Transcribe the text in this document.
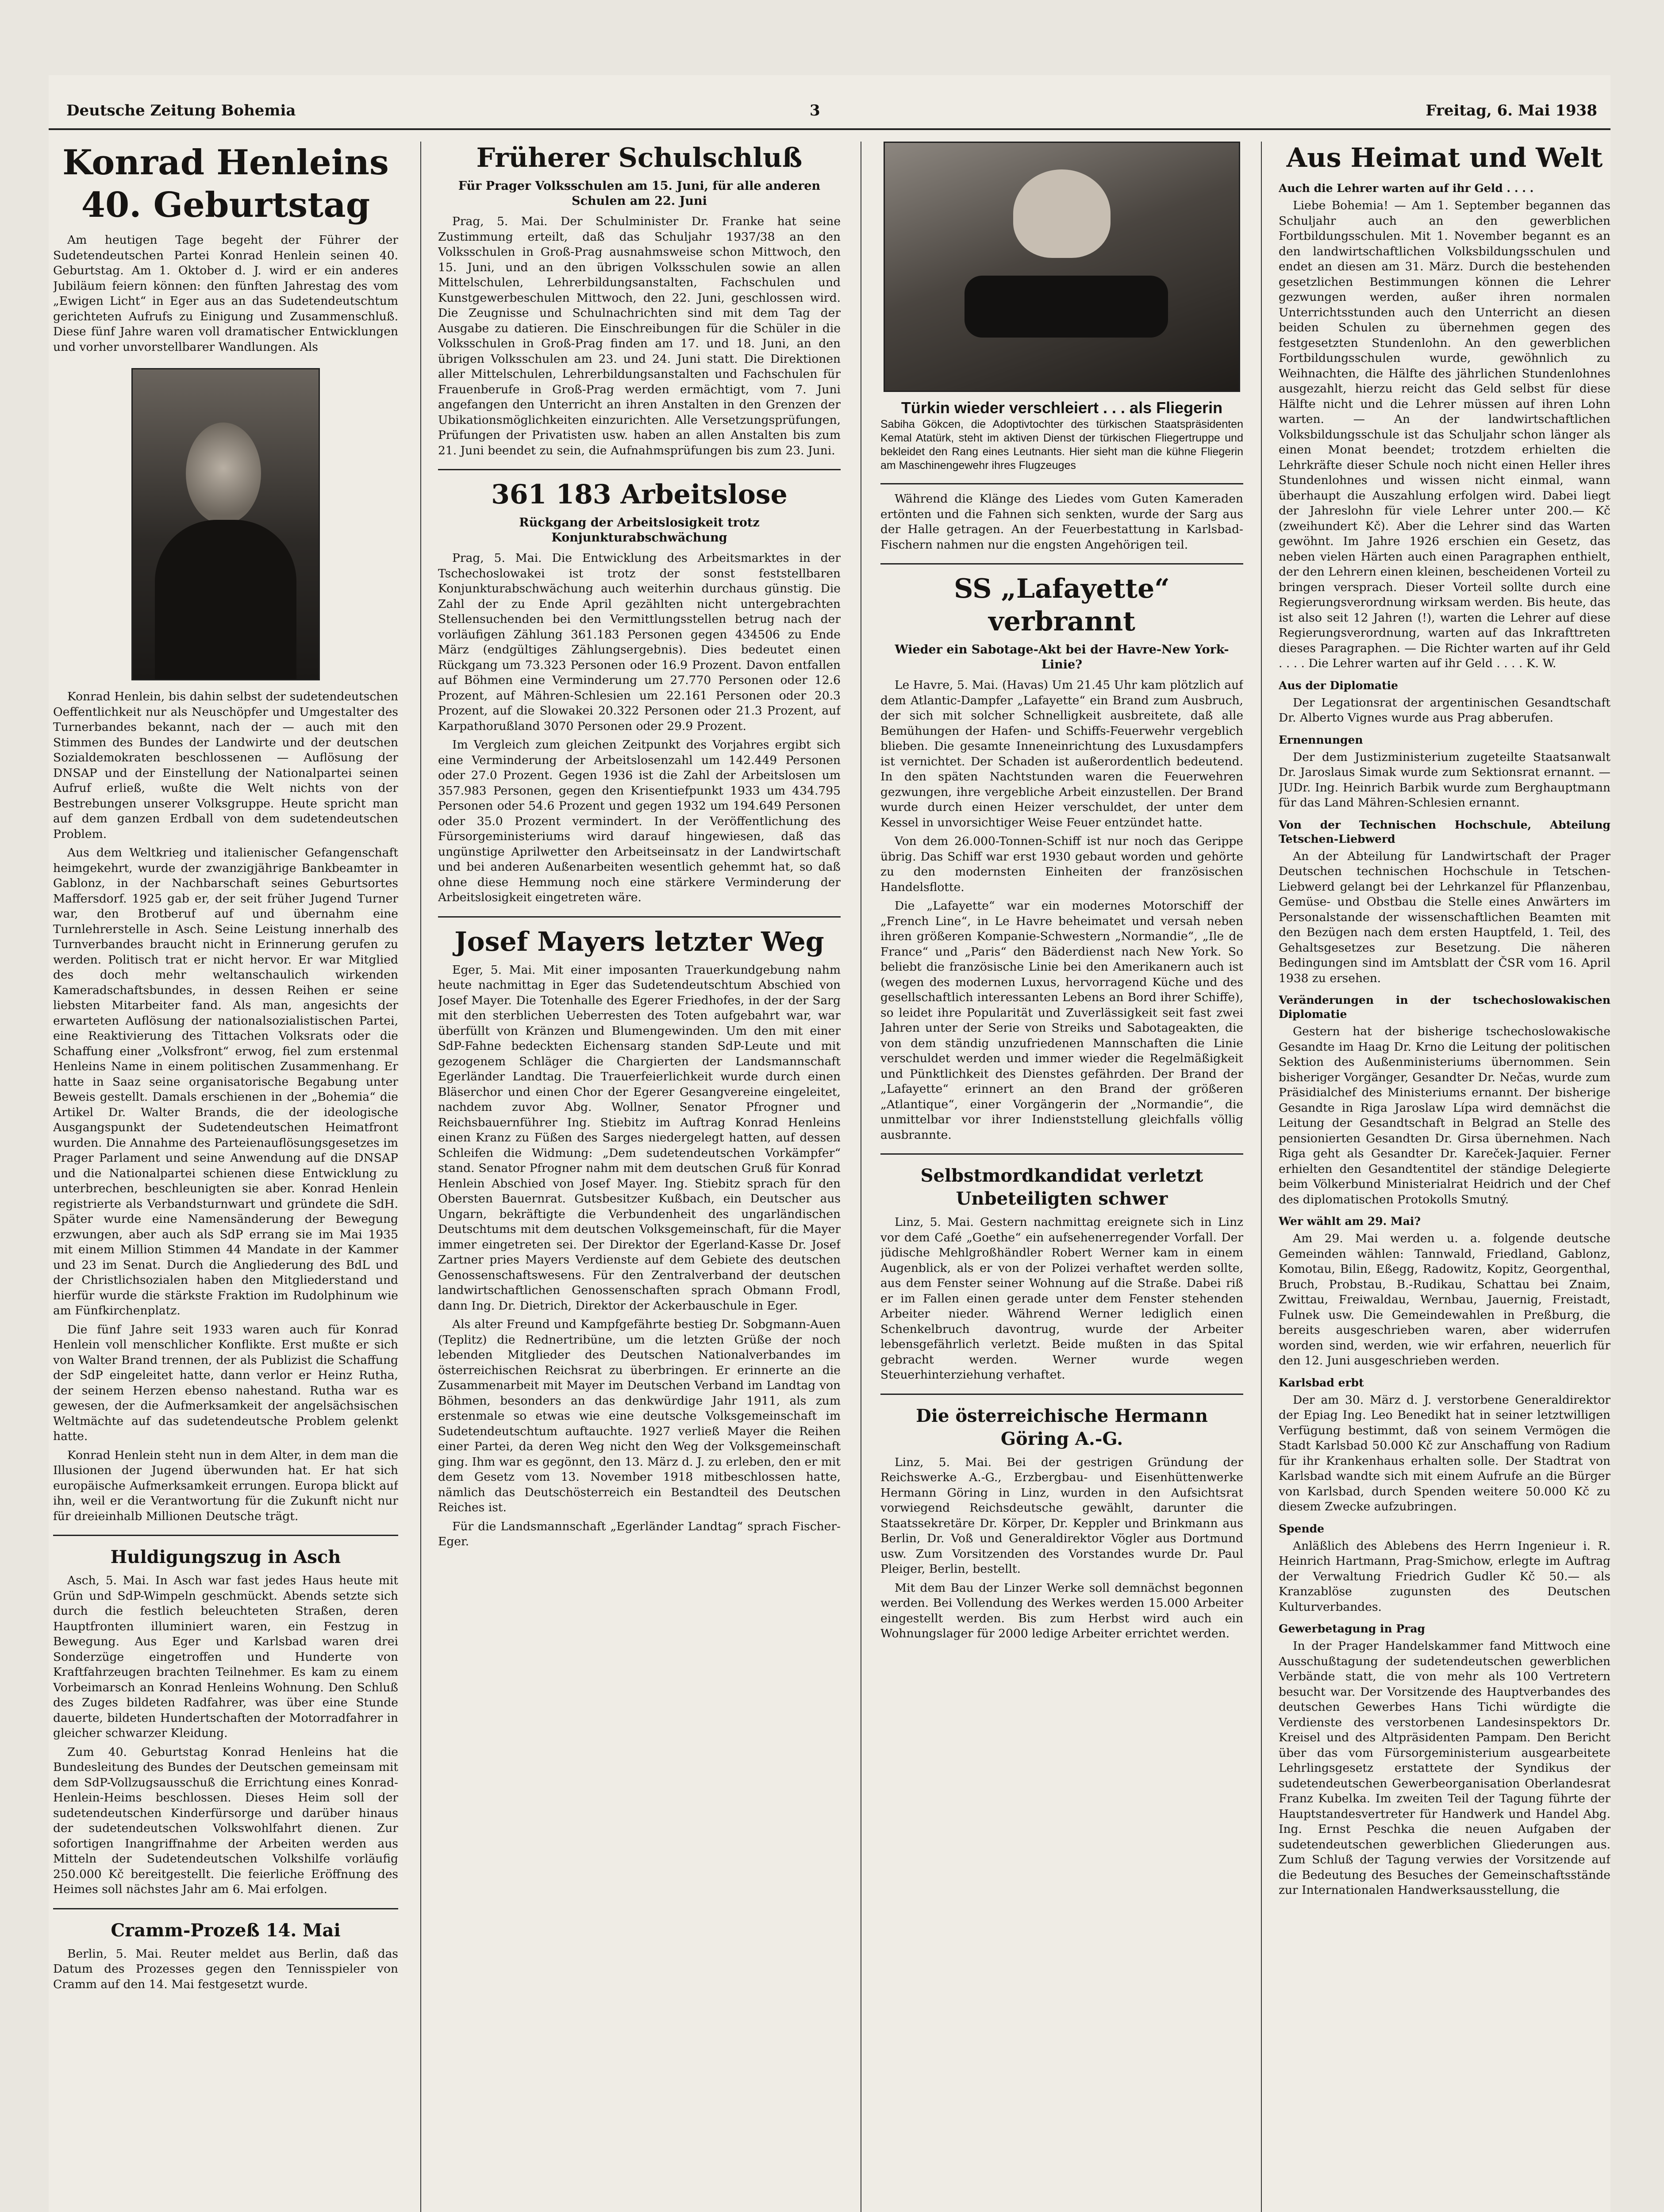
Deutsche Zeitung Bohemia	3	Freitag, 6. Mai 1938
Konrad Henleins 40. Geburtstag

Am heutigen Tage begeht der Führer der Sudetendeutschen Partei Konrad Henlein seinen 40. Geburtstag. Am 1. Oktober d. J. wird er ein anderes Jubiläum feiern können: den fünften Jahrestag des vom „Ewigen Licht“ in Eger aus an das Sudetendeutschtum gerichteten Aufrufs zu Einigung und Zusammenschluß. Diese fünf Jahre waren voll dramatischer Entwicklungen und vorher unvorstellbarer Wandlungen. Als

Konrad Henlein, bis dahin selbst der sudetendeutschen Oeffentlichkeit nur als Neuschöpfer und Umgestalter des Turnerbandes bekannt, nach der — auch mit den Stimmen des Bundes der Landwirte und der deutschen Sozialdemokraten beschlossenen — Auflösung der DNSAP und der Einstellung der Nationalpartei seinen Aufruf erließ, wußte die Welt nichts von der Bestrebungen unserer Volksgruppe. Heute spricht man auf dem ganzen Erdball von dem sudetendeutschen Problem.

Aus dem Weltkrieg und italienischer Gefangenschaft heimgekehrt, wurde der zwanzigjährige Bankbeamter in Gablonz, in der Nachbarschaft seines Geburtsortes Maffersdorf. 1925 gab er, der seit früher Jugend Turner war, den Brotberuf auf und übernahm eine Turnlehrerstelle in Asch. Seine Leistung innerhalb des Turnverbandes braucht nicht in Erinnerung gerufen zu werden. Politisch trat er nicht hervor. Er war Mitglied des doch mehr weltanschaulich wirkenden Kameradschaftsbundes, in dessen Reihen er seine liebsten Mitarbeiter fand. Als man, angesichts der erwarteten Auflösung der nationalsozialistischen Partei, eine Reaktivierung des Tittachen Volksrats oder die Schaffung einer „Volksfront“ erwog, fiel zum erstenmal Henleins Name in einem politischen Zusammenhang. Er hatte in Saaz seine organisatorische Begabung unter Beweis gestellt. Damals erschienen in der „Bohemia“ die Artikel Dr. Walter Brands, die der ideologische Ausgangspunkt der Sudetendeutschen Heimatfront wurden. Die Annahme des Parteienauflösungsgesetzes im Prager Parlament und seine Anwendung auf die DNSAP und die Nationalpartei schienen diese Entwicklung zu unterbrechen, beschleunigten sie aber. Konrad Henlein registrierte als Verbandsturnwart und gründete die SdH. Später wurde eine Namensänderung der Bewegung erzwungen, aber auch als SdP errang sie im Mai 1935 mit einem Million Stimmen 44 Mandate in der Kammer und 23 im Senat. Durch die Angliederung des BdL und der Christlichsozialen haben den Mitgliederstand und hierfür wurde die stärkste Fraktion im Rudolphinum wie am Fünfkirchenplatz.

Die fünf Jahre seit 1933 waren auch für Konrad Henlein voll menschlicher Konflikte. Erst mußte er sich von Walter Brand trennen, der als Publizist die Schaffung der SdP eingeleitet hatte, dann verlor er Heinz Rutha, der seinem Herzen ebenso nahestand. Rutha war es gewesen, der die Aufmerksamkeit der angelsächsischen Weltmächte auf das sudetendeutsche Problem gelenkt hatte.

Konrad Henlein steht nun in dem Alter, in dem man die Illusionen der Jugend überwunden hat. Er hat sich europäische Aufmerksamkeit errungen. Europa blickt auf ihn, weil er die Verantwortung für die Zukunft nicht nur für dreieinhalb Millionen Deutsche trägt.

Huldigungszug in Asch

Asch, 5. Mai. In Asch war fast jedes Haus heute mit Grün und SdP-Wimpeln geschmückt. Abends setzte sich durch die festlich beleuchteten Straßen, deren Hauptfronten illuminiert waren, ein Festzug in Bewegung. Aus Eger und Karlsbad waren drei Sonderzüge eingetroffen und Hunderte von Kraftfahrzeugen brachten Teilnehmer. Es kam zu einem Vorbeimarsch an Konrad Henleins Wohnung. Den Schluß des Zuges bildeten Radfahrer, was über eine Stunde dauerte, bildeten Hundertschaften der Motorradfahrer in gleicher schwarzer Kleidung.

Zum 40. Geburtstag Konrad Henleins hat die Bundesleitung des Bundes der Deutschen gemeinsam mit dem SdP-Vollzugsausschuß die Errichtung eines Konrad-Henlein-Heims beschlossen. Dieses Heim soll der sudetendeutschen Kinderfürsorge und darüber hinaus der sudetendeutschen Volkswohlfahrt dienen. Zur sofortigen Inangriffnahme der Arbeiten werden aus Mitteln der Sudetendeutschen Volkshilfe vorläufig 250.000 Kč bereitgestellt. Die feierliche Eröffnung des Heimes soll nächstes Jahr am 6. Mai erfolgen.

Cramm-Prozeß 14. Mai

Berlin, 5. Mai. Reuter meldet aus Berlin, daß das Datum des Prozesses gegen den Tennisspieler von Cramm auf den 14. Mai festgesetzt wurde.

Früherer Schulschluß
Für Prager Volksschulen am 15. Juni, für alle anderen Schulen am 22. Juni

Prag, 5. Mai. Der Schulminister Dr. Franke hat seine Zustimmung erteilt, daß das Schuljahr 1937/38 an den Volksschulen in Groß-Prag ausnahmsweise schon Mittwoch, den 15. Juni, und an den übrigen Volksschulen sowie an allen Mittelschulen, Lehrerbildungsanstalten, Fachschulen und Kunstgewerbeschulen Mittwoch, den 22. Juni, geschlossen wird. Die Zeugnisse und Schulnachrichten sind mit dem Tag der Ausgabe zu datieren. Die Einschreibungen für die Schüler in die Volksschulen in Groß-Prag finden am 17. und 18. Juni, an den übrigen Volksschulen am 23. und 24. Juni statt. Die Direktionen aller Mittelschulen, Lehrerbildungsanstalten und Fachschulen für Frauenberufe in Groß-Prag werden ermächtigt, vom 7. Juni angefangen den Unterricht an ihren Anstalten in den Grenzen der Ubikationsmöglichkeiten einzurichten. Alle Versetzungsprüfungen, Prüfungen der Privatisten usw. haben an allen Anstalten bis zum 21. Juni beendet zu sein, die Aufnahmsprüfungen bis zum 23. Juni.

361 183 Arbeitslose
Rückgang der Arbeitslosigkeit trotz Konjunkturabschwächung

Prag, 5. Mai. Die Entwicklung des Arbeitsmarktes in der Tschechoslowakei ist trotz der sonst feststellbaren Konjunkturabschwächung auch weiterhin durchaus günstig. Die Zahl der zu Ende April gezählten nicht untergebrachten Stellensuchenden bei den Vermittlungsstellen betrug nach der vorläufigen Zählung 361.183 Personen gegen 434506 zu Ende März (endgültiges Zählungsergebnis). Dies bedeutet einen Rückgang um 73.323 Personen oder 16.9 Prozent. Davon entfallen auf Böhmen eine Verminderung um 27.770 Personen oder 12.6 Prozent, auf Mähren-Schlesien um 22.161 Personen oder 20.3 Prozent, auf die Slowakei 20.322 Personen oder 21.3 Prozent, auf Karpathorußland 3070 Personen oder 29.9 Prozent.

Im Vergleich zum gleichen Zeitpunkt des Vorjahres ergibt sich eine Verminderung der Arbeitslosenzahl um 142.449 Personen oder 27.0 Prozent. Gegen 1936 ist die Zahl der Arbeitslosen um 357.983 Personen, gegen den Krisentiefpunkt 1933 um 434.795 Personen oder 54.6 Prozent und gegen 1932 um 194.649 Personen oder 35.0 Prozent vermindert. In der Veröffentlichung des Fürsorgeministeriums wird darauf hingewiesen, daß das ungünstige Aprilwetter den Arbeitseinsatz in der Landwirtschaft und bei anderen Außenarbeiten wesentlich gehemmt hat, so daß ohne diese Hemmung noch eine stärkere Verminderung der Arbeitslosigkeit eingetreten wäre.

Josef Mayers letzter Weg

Eger, 5. Mai. Mit einer imposanten Trauerkundgebung nahm heute nachmittag in Eger das Sudetendeutschtum Abschied von Josef Mayer. Die Totenhalle des Egerer Friedhofes, in der der Sarg mit den sterblichen Ueberresten des Toten aufgebahrt war, war überfüllt von Kränzen und Blumengewinden. Um den mit einer SdP-Fahne bedeckten Eichensarg standen SdP-Leute und mit gezogenem Schläger die Chargierten der Landsmannschaft Egerländer Landtag. Die Trauerfeierlichkeit wurde durch einen Bläserchor und einen Chor der Egerer Gesangvereine eingeleitet, nachdem zuvor Abg. Wollner, Senator Pfrogner und Reichsbauernführer Ing. Stiebitz im Auftrag Konrad Henleins einen Kranz zu Füßen des Sarges niedergelegt hatten, auf dessen Schleifen die Widmung: „Dem sudetendeutschen Vorkämpfer“ stand. Senator Pfrogner nahm mit dem deutschen Gruß für Konrad Henlein Abschied von Josef Mayer. Ing. Stiebitz sprach für den Obersten Bauernrat. Gutsbesitzer Kußbach, ein Deutscher aus Ungarn, bekräftigte die Verbundenheit des ungarländischen Deutschtums mit dem deutschen Volksgemeinschaft, für die Mayer immer eingetreten sei. Der Direktor der Egerland-Kasse Dr. Josef Zartner pries Mayers Verdienste auf dem Gebiete des deutschen Genossenschaftswesens. Für den Zentralverband der deutschen landwirtschaftlichen Genossenschaften sprach Obmann Frodl, dann Ing. Dr. Dietrich, Direktor der Ackerbauschule in Eger.

Als alter Freund und Kampfgefährte bestieg Dr. Sobgmann-Auen (Teplitz) die Rednertribüne, um die letzten Grüße der noch lebenden Mitglieder des Deutschen Nationalverbandes im österreichischen Reichsrat zu überbringen. Er erinnerte an die Zusammenarbeit mit Mayer im Deutschen Verband im Landtag von Böhmen, besonders an das denkwürdige Jahr 1911, als zum erstenmale so etwas wie eine deutsche Volksgemeinschaft im Sudetendeutschtum auftauchte. 1927 verließ Mayer die Reihen einer Partei, da deren Weg nicht den Weg der Volksgemeinschaft ging. Ihm war es gegönnt, den 13. März d. J. zu erleben, den er mit dem Gesetz vom 13. November 1918 mitbeschlossen hatte, nämlich das Deutschösterreich ein Bestandteil des Deutschen Reiches ist.

Für die Landsmannschaft „Egerländer Landtag“ sprach Fischer-Eger.

Türkin wieder verschleiert . . . als Fliegerin
Sabiha Gökcen, die Adoptivtochter des türkischen Staatspräsidenten Kemal Atatürk, steht im aktiven Dienst der türkischen Fliegertruppe und bekleidet den Rang eines Leutnants. Hier sieht man die kühne Fliegerin am Maschinengewehr ihres Flugzeuges

Während die Klänge des Liedes vom Guten Kameraden ertönten und die Fahnen sich senkten, wurde der Sarg aus der Halle getragen. An der Feuerbestattung in Karlsbad-Fischern nahmen nur die engsten Angehörigen teil.

SS „Lafayette“ verbrannt
Wieder ein Sabotage-Akt bei der Havre-New York-Linie?

Le Havre, 5. Mai. (Havas) Um 21.45 Uhr kam plötzlich auf dem Atlantic-Dampfer „Lafayette“ ein Brand zum Ausbruch, der sich mit solcher Schnelligkeit ausbreitete, daß alle Bemühungen der Hafen- und Schiffs-Feuerwehr vergeblich blieben. Die gesamte Inneneinrichtung des Luxusdampfers ist vernichtet. Der Schaden ist außerordentlich bedeutend. In den späten Nachtstunden waren die Feuerwehren gezwungen, ihre vergebliche Arbeit einzustellen. Der Brand wurde durch einen Heizer verschuldet, der unter dem Kessel in unvorsichtiger Weise Feuer entzündet hatte.

Von dem 26.000-Tonnen-Schiff ist nur noch das Gerippe übrig. Das Schiff war erst 1930 gebaut worden und gehörte zu den modernsten Einheiten der französischen Handelsflotte.

Die „Lafayette“ war ein modernes Motorschiff der „French Line“, in Le Havre beheimatet und versah neben ihren größeren Kompanie-Schwestern „Normandie“, „Ile de France“ und „Paris“ den Bäderdienst nach New York. So beliebt die französische Linie bei den Amerikanern auch ist (wegen des modernen Luxus, hervorragend Küche und des gesellschaftlich interessanten Lebens an Bord ihrer Schiffe), so leidet ihre Popularität und Zuverlässigkeit seit fast zwei Jahren unter der Serie von Streiks und Sabotageakten, die von dem ständig unzufriedenen Mannschaften die Linie verschuldet werden und immer wieder die Regelmäßigkeit und Pünktlichkeit des Dienstes gefährden. Der Brand der „Lafayette“ erinnert an den Brand der größeren „Atlantique“, einer Vorgängerin der „Normandie“, die unmittelbar vor ihrer Indienststellung gleichfalls völlig ausbrannte.

Selbstmordkandidat verletzt Unbeteiligten schwer

Linz, 5. Mai. Gestern nachmittag ereignete sich in Linz vor dem Café „Goethe“ ein aufsehenerregender Vorfall. Der jüdische Mehlgroßhändler Robert Werner kam in einem Augenblick, als er von der Polizei verhaftet werden sollte, aus dem Fenster seiner Wohnung auf die Straße. Dabei riß er im Fallen einen gerade unter dem Fenster stehenden Arbeiter nieder. Während Werner lediglich einen Schenkelbruch davontrug, wurde der Arbeiter lebensgefährlich verletzt. Beide mußten in das Spital gebracht werden. Werner wurde wegen Steuerhinterziehung verhaftet.

Die österreichische Hermann Göring A.-G.

Linz, 5. Mai. Bei der gestrigen Gründung der Reichswerke A.-G., Erzbergbau- und Eisenhüttenwerke Hermann Göring in Linz, wurden in den Aufsichtsrat vorwiegend Reichsdeutsche gewählt, darunter die Staatssekretäre Dr. Körper, Dr. Keppler und Brinkmann aus Berlin, Dr. Voß und Generaldirektor Vögler aus Dortmund usw. Zum Vorsitzenden des Vorstandes wurde Dr. Paul Pleiger, Berlin, bestellt.

Mit dem Bau der Linzer Werke soll demnächst begonnen werden. Bei Vollendung des Werkes werden 15.000 Arbeiter eingestellt werden. Bis zum Herbst wird auch ein Wohnungslager für 2000 ledige Arbeiter errichtet werden.

Aus Heimat und Welt
Auch die Lehrer warten auf ihr Geld . . . .

Liebe Bohemia! — Am 1. September begannen das Schuljahr auch an den gewerblichen Fortbildungsschulen. Mit 1. November begannt es an den landwirtschaftlichen Volksbildungsschulen und endet an diesen am 31. März. Durch die bestehenden gesetzlichen Bestimmungen können die Lehrer gezwungen werden, außer ihren normalen Unterrichtsstunden auch den Unterricht an diesen beiden Schulen zu übernehmen gegen des festgesetzten Stundenlohn. An den gewerblichen Fortbildungsschulen wurde, gewöhnlich zu Weihnachten, die Hälfte des jährlichen Stundenlohnes ausgezahlt, hierzu reicht das Geld selbst für diese Hälfte nicht und die Lehrer müssen auf ihren Lohn warten. — An der landwirtschaftlichen Volksbildungsschule ist das Schuljahr schon länger als einen Monat beendet; trotzdem erhielten die Lehrkräfte dieser Schule noch nicht einen Heller ihres Stundenlohnes und wissen nicht einmal, wann überhaupt die Auszahlung erfolgen wird. Dabei liegt der Jahreslohn für viele Lehrer unter 200.— Kč (zweihundert Kč). Aber die Lehrer sind das Warten gewöhnt. Im Jahre 1926 erschien ein Gesetz, das neben vielen Härten auch einen Paragraphen enthielt, der den Lehrern einen kleinen, bescheidenen Vorteil zu bringen versprach. Dieser Vorteil sollte durch eine Regierungsverordnung wirksam werden. Bis heute, das ist also seit 12 Jahren (!), warten die Lehrer auf diese Regierungsverordnung, warten auf das Inkrafttreten dieses Paragraphen. — Die Richter warten auf ihr Geld . . . . Die Lehrer warten auf ihr Geld . . . . K. W.

Aus der Diplomatie

Der Legationsrat der argentinischen Gesandtschaft Dr. Alberto Vignes wurde aus Prag abberufen.

Ernennungen

Der dem Justizministerium zugeteilte Staatsanwalt Dr. Jaroslaus Simak wurde zum Sektionsrat ernannt. — JUDr. Ing. Heinrich Barbik wurde zum Berghauptmann für das Land Mähren-Schlesien ernannt.

Von der Technischen Hochschule, Abteilung Tetschen-Liebwerd

An der Abteilung für Landwirtschaft der Prager Deutschen technischen Hochschule in Tetschen-Liebwerd gelangt bei der Lehrkanzel für Pflanzenbau, Gemüse- und Obstbau die Stelle eines Anwärters im Personalstande der wissenschaftlichen Beamten mit den Bezügen nach dem ersten Hauptfeld, 1. Teil, des Gehaltsgesetzes zur Besetzung. Die näheren Bedingungen sind im Amtsblatt der ČSR vom 16. April 1938 zu ersehen.

Veränderungen in der tschechoslowakischen Diplomatie

Gestern hat der bisherige tschechoslowakische Gesandte im Haag Dr. Krno die Leitung der politischen Sektion des Außenministeriums übernommen. Sein bisheriger Vorgänger, Gesandter Dr. Nečas, wurde zum Präsidialchef des Ministeriums ernannt. Der bisherige Gesandte in Riga Jaroslaw Lípa wird demnächst die Leitung der Gesandtschaft in Belgrad an Stelle des pensionierten Gesandten Dr. Girsa übernehmen. Nach Riga geht als Gesandter Dr. Kareček-Jaquier. Ferner erhielten den Gesandtentitel der ständige Delegierte beim Völkerbund Ministerialrat Heidrich und der Chef des diplomatischen Protokolls Smutný.

Wer wählt am 29. Mai?

Am 29. Mai werden u. a. folgende deutsche Gemeinden wählen: Tannwald, Friedland, Gablonz, Komotau, Bilin, Eßegg, Radowitz, Kopitz, Georgenthal, Bruch, Probstau, B.-Rudikau, Schattau bei Znaim, Zwittau, Freiwaldau, Wernbau, Jauernig, Freistadt, Fulnek usw. Die Gemeindewahlen in Preßburg, die bereits ausgeschrieben waren, aber widerrufen worden sind, werden, wie wir erfahren, neuerlich für den 12. Juni ausgeschrieben werden.

Karlsbad erbt

Der am 30. März d. J. verstorbene Generaldirektor der Epiag Ing. Leo Benedikt hat in seiner letztwilligen Verfügung bestimmt, daß von seinem Vermögen die Stadt Karlsbad 50.000 Kč zur Anschaffung von Radium für ihr Krankenhaus erhalten solle. Der Stadtrat von Karlsbad wandte sich mit einem Aufrufe an die Bürger von Karlsbad, durch Spenden weitere 50.000 Kč zu diesem Zwecke aufzubringen.

Spende

Anläßlich des Ablebens des Herrn Ingenieur i. R. Heinrich Hartmann, Prag-Smichow, erlegte im Auftrag der Verwaltung Friedrich Gudler Kč 50.— als Kranzablöse zugunsten des Deutschen Kulturverbandes.

Gewerbetagung in Prag

In der Prager Handelskammer fand Mittwoch eine Ausschußtagung der sudetendeutschen gewerblichen Verbände statt, die von mehr als 100 Vertretern besucht war. Der Vorsitzende des Hauptverbandes des deutschen Gewerbes Hans Tichi würdigte die Verdienste des verstorbenen Landesinspektors Dr. Kreisel und des Altpräsidenten Pampam. Den Bericht über das vom Fürsorgeministerium ausgearbeitete Lehrlingsgesetz erstattete der Syndikus der sudetendeutschen Gewerbeorganisation Oberlandesrat Franz Kubelka. Im zweiten Teil der Tagung führte der Hauptstandesvertreter für Handwerk und Handel Abg. Ing. Ernst Peschka die neuen Aufgaben der sudetendeutschen gewerblichen Gliederungen aus. Zum Schluß der Tagung verwies der Vorsitzende auf die Bedeutung des Besuches der Gemeinschaftsstände zur Internationalen Handwerksausstellung, die
